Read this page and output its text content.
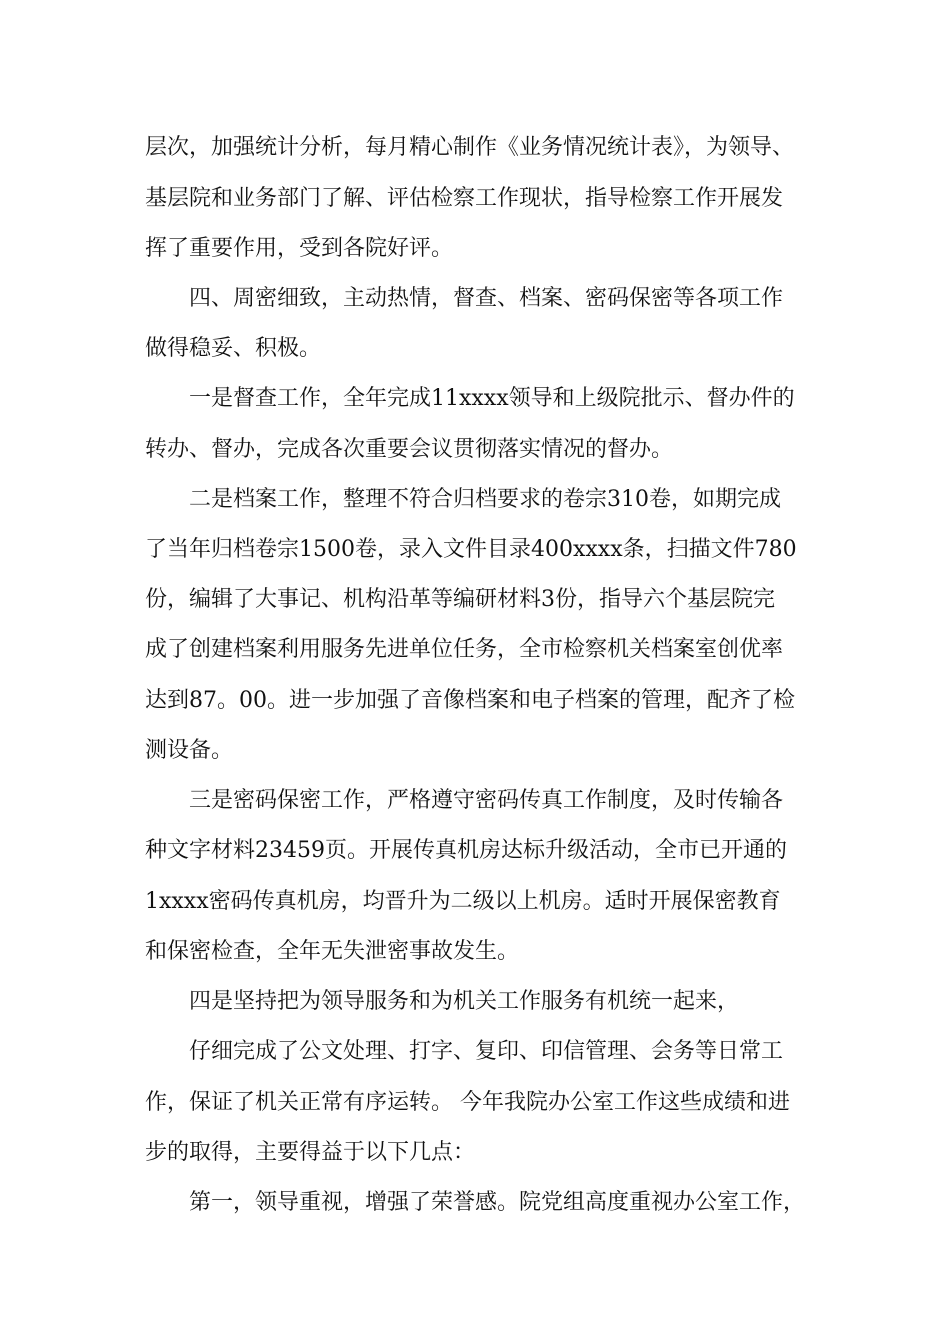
层次，加强统计分析，每月精心制作《业务情况统计表》，为领导、
基层院和业务部门了解、评估检察工作现状，指导检察工作开展发
挥了重要作用，受到各院好评。
四、周密细致，主动热情，督查、档案、密码保密等各项工作
做得稳妥、积极。
一是督查工作，全年完成11xxxx领导和上级院批示、督办件的
转办、督办，完成各次重要会议贯彻落实情况的督办。
二是档案工作，整理不符合归档要求的卷宗310卷，如期完成
了当年归档卷宗1500卷，录入文件目录400xxxx条，扫描文件780
份，编辑了大事记、机构沿革等编研材料3份，指导六个基层院完
成了创建档案利用服务先进单位任务，全市检察机关档案室创优率
达到87。00。进一步加强了音像档案和电子档案的管理，配齐了检
测设备。
三是密码保密工作，严格遵守密码传真工作制度，及时传输各
种文字材料23459页。开展传真机房达标升级活动，全市已开通的
1xxxx密码传真机房，均晋升为二级以上机房。适时开展保密教育
和保密检查，全年无失泄密事故发生。
四是坚持把为领导服务和为机关工作服务有机统一起来，
仔细完成了公文处理、打字、复印、印信管理、会务等日常工
作，保证了机关正常有序运转。 今年我院办公室工作这些成绩和进
步的取得，主要得益于以下几点：
第一，领导重视，增强了荣誉感。院党组高度重视办公室工作，
